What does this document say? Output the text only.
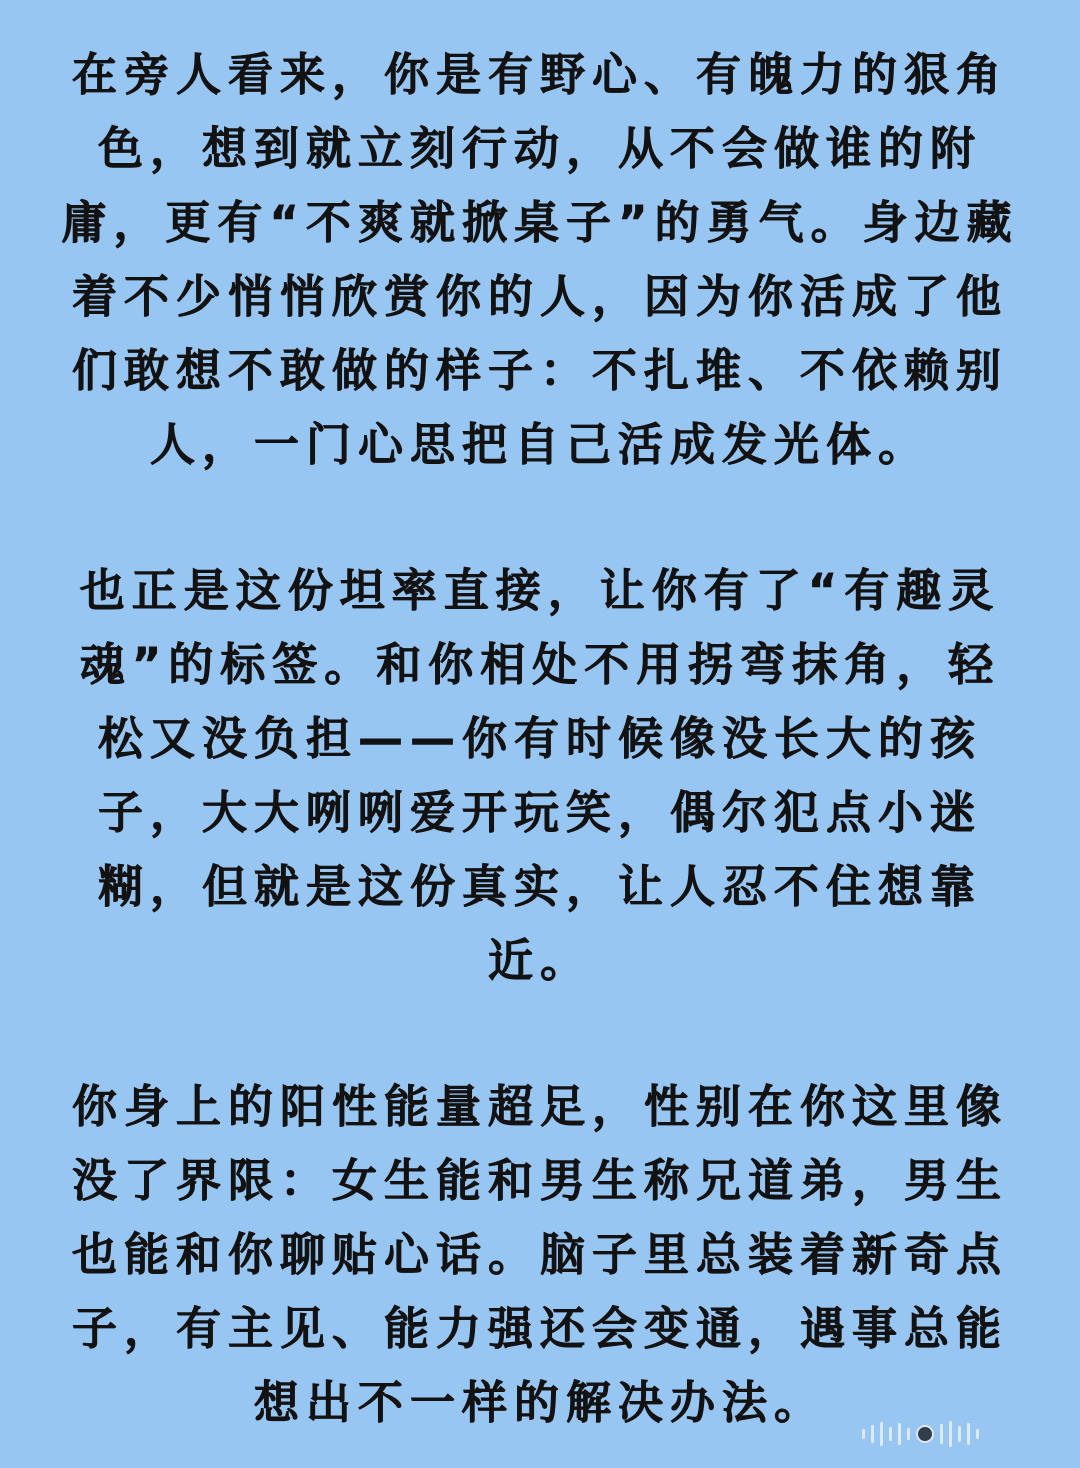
在旁人看来，你是有野心、有魄力的狠角
色，想到就立刻行动，从不会做谁的附
庸，更有“不爽就掀桌子”的勇气。身边藏
着不少悄悄欣赏你的人，因为你活成了他
们敢想不敢做的样子：不扎堆、不依赖别
人，一门心思把自己活成发光体。
也正是这份坦率直接，让你有了“有趣灵
魂”的标签。和你相处不用拐弯抹角，轻
松又没负担——你有时候像没长大的孩
子，大大咧咧爱开玩笑，偶尔犯点小迷
糊，但就是这份真实，让人忍不住想靠
近。
你身上的阳性能量超足，性别在你这里像
没了界限：女生能和男生称兄道弟，男生
也能和你聊贴心话。脑子里总装着新奇点
子，有主见、能力强还会变通，遇事总能
想出不一样的解决办法。
